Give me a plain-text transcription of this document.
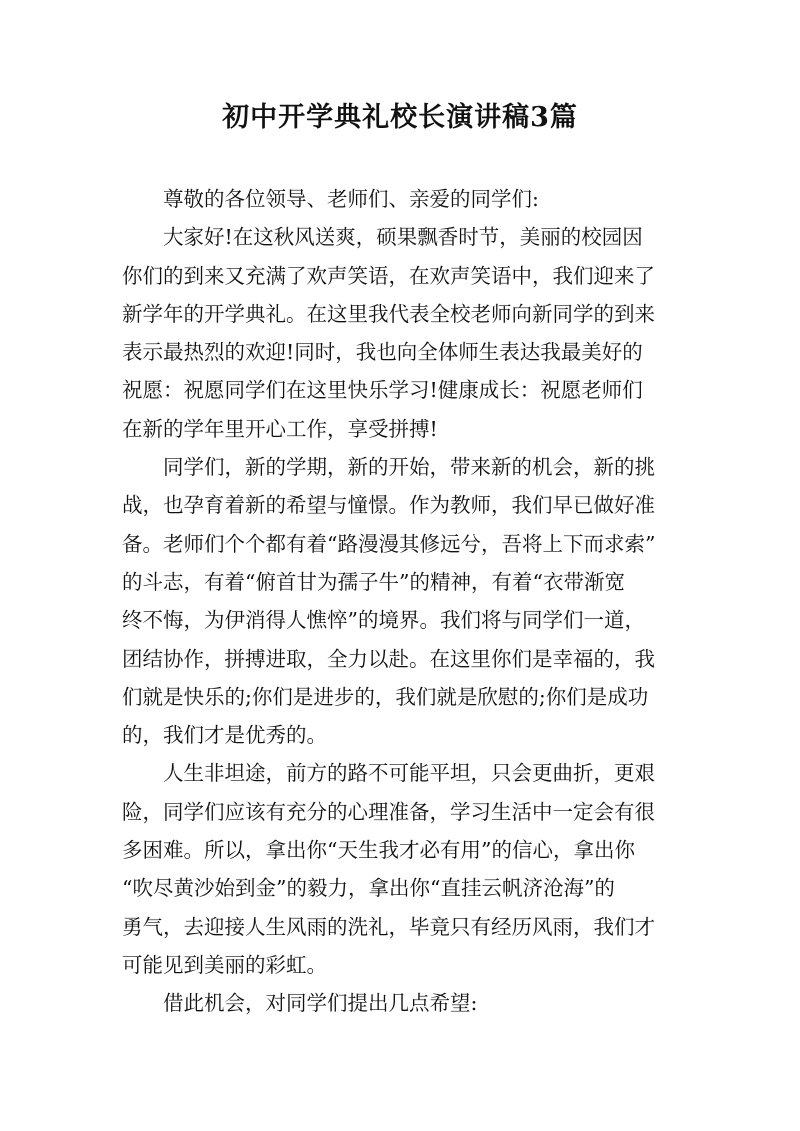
初中开学典礼校长演讲稿3篇
尊敬的各位领导、老师们、亲爱的同学们:
大家好!在这秋风送爽，硕果飘香时节，美丽的校园因
你们的到来又充满了欢声笑语，在欢声笑语中，我们迎来了
新学年的开学典礼。在这里我代表全校老师向新同学的到来
表示最热烈的欢迎!同时，我也向全体师生表达我最美好的
祝愿：祝愿同学们在这里快乐学习!健康成长：祝愿老师们
在新的学年里开心工作，享受拼搏!
同学们，新的学期，新的开始，带来新的机会，新的挑
战，也孕育着新的希望与憧憬。作为教师，我们早已做好准
备。老师们个个都有着“路漫漫其修远兮，吾将上下而求索”
的斗志，有着“俯首甘为孺子牛”的精神，有着“衣带渐宽
终不悔，为伊消得人憔悴”的境界。我们将与同学们一道，
团结协作，拼搏进取，全力以赴。在这里你们是幸福的，我
们就是快乐的;你们是进步的，我们就是欣慰的;你们是成功
的，我们才是优秀的。
人生非坦途，前方的路不可能平坦，只会更曲折，更艰
险，同学们应该有充分的心理准备，学习生活中一定会有很
多困难。所以，拿出你“天生我才必有用”的信心，拿出你
“吹尽黄沙始到金”的毅力，拿出你“直挂云帆济沧海”的
勇气，去迎接人生风雨的洗礼，毕竟只有经历风雨，我们才
可能见到美丽的彩虹。
借此机会，对同学们提出几点希望:
